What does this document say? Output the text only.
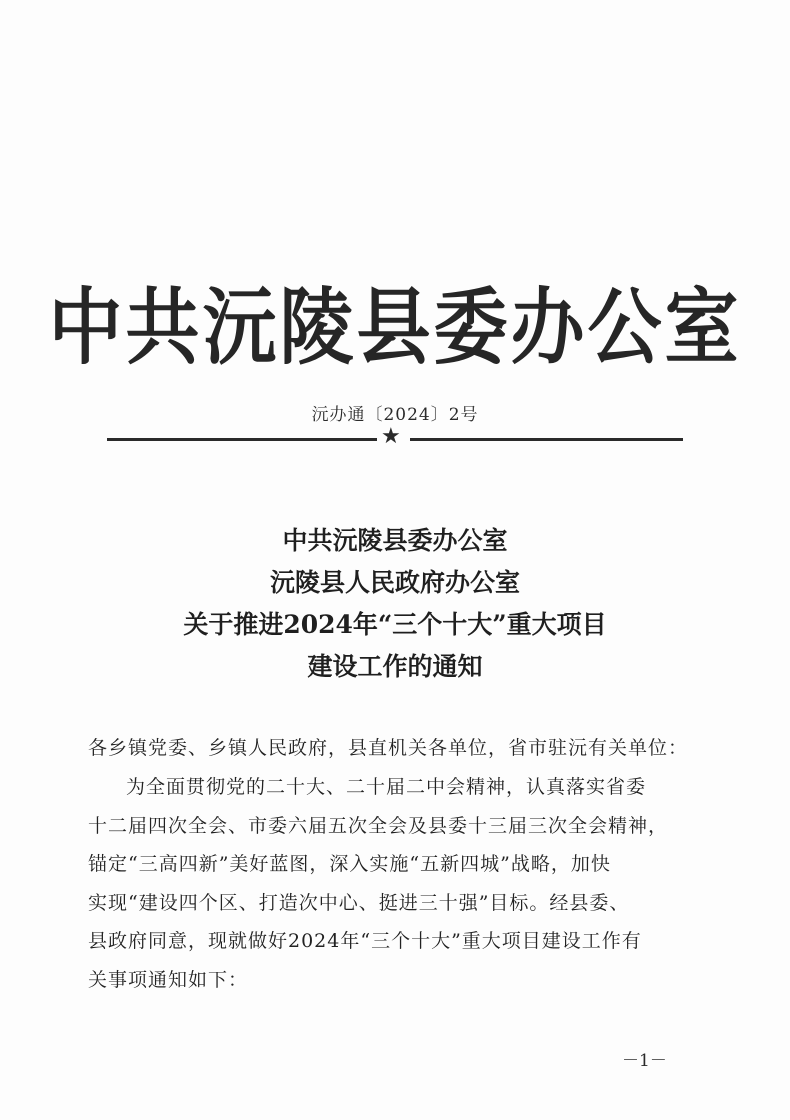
中共沅陵县委办公室
沅办通〔2024〕2号
★
中共沅陵县委办公室
沅陵县人民政府办公室
关于推进2024年“三个十大”重大项目
建设工作的通知
各乡镇党委、乡镇人民政府，县直机关各单位，省市驻沅有关单位：
为全面贯彻党的二十大、二十届二中会精神，认真落实省委
十二届四次全会、市委六届五次全会及县委十三届三次全会精神，
锚定“三高四新”美好蓝图，深入实施“五新四城”战略，加快
实现“建设四个区、打造次中心、挺进三十强”目标。经县委、
县政府同意，现就做好2024年“三个十大”重大项目建设工作有
关事项通知如下：
－1－
